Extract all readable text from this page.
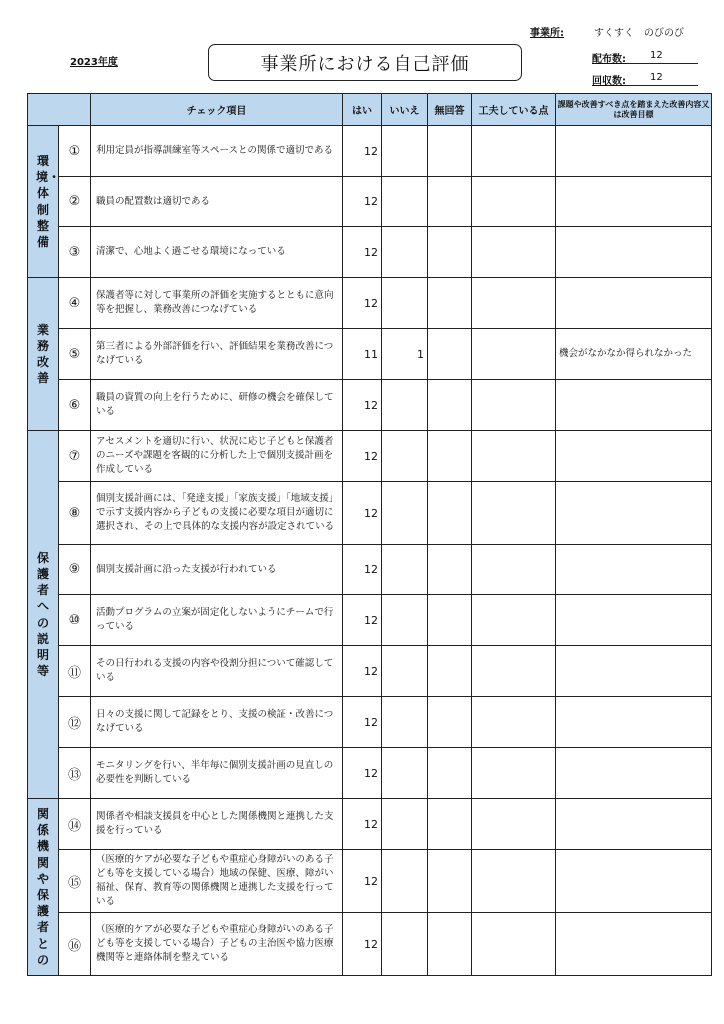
事業所:	すくすく　のびのび
2023年度	事業所における自己評価	配布数: 12
回収数: 12
		チェック項目	はい	いいえ	無回答	工夫している点	課題や改善すべき点を踏まえた改善内容又は改善目標
環境・体制整備	①	利用定員が指導訓練室等スペースとの関係で適切である	12				
	②	職員の配置数は適切である	12				
	③	清潔で、心地よく過ごせる環境になっている	12				
業務改善	④	保護者等に対して事業所の評価を実施するとともに意向等を把握し、業務改善につなげている	12				
	⑤	第三者による外部評価を行い、評価結果を業務改善につなげている	11	1			機会がなかなか得られなかった
	⑥	職員の資質の向上を行うために、研修の機会を確保している	12				
保護者への説明等	⑦	アセスメントを適切に行い、状況に応じ子どもと保護者のニーズや課題を客観的に分析した上で個別支援計画を作成している	12				
	⑧	個別支援計画には、「発達支援」「家族支援」「地域支援」で示す支援内容から子どもの支援に必要な項目が適切に選択され、その上で具体的な支援内容が設定されている	12				
	⑨	個別支援計画に沿った支援が行われている	12				
	⑩	活動プログラムの立案が固定化しないようにチームで行っている	12				
	⑪	その日行われる支援の内容や役割分担について確認している	12				
	⑫	日々の支援に関して記録をとり、支援の検証・改善につなげている	12				
	⑬	モニタリングを行い、半年毎に個別支援計画の見直しの必要性を判断している	12				
関係機関や保護者との	⑭	関係者や相談支援員を中心とした関係機関と連携した支援を行っている	12				
	⑮	（医療的ケアが必要な子どもや重症心身障がいのある子ども等を支援している場合）地域の保健、医療、障がい福祉、保育、教育等の関係機関と連携した支援を行っている	12				
	⑯	（医療的ケアが必要な子どもや重症心身障がいのある子ども等を支援している場合）子どもの主治医や協力医療機関等と連絡体制を整えている	12				
